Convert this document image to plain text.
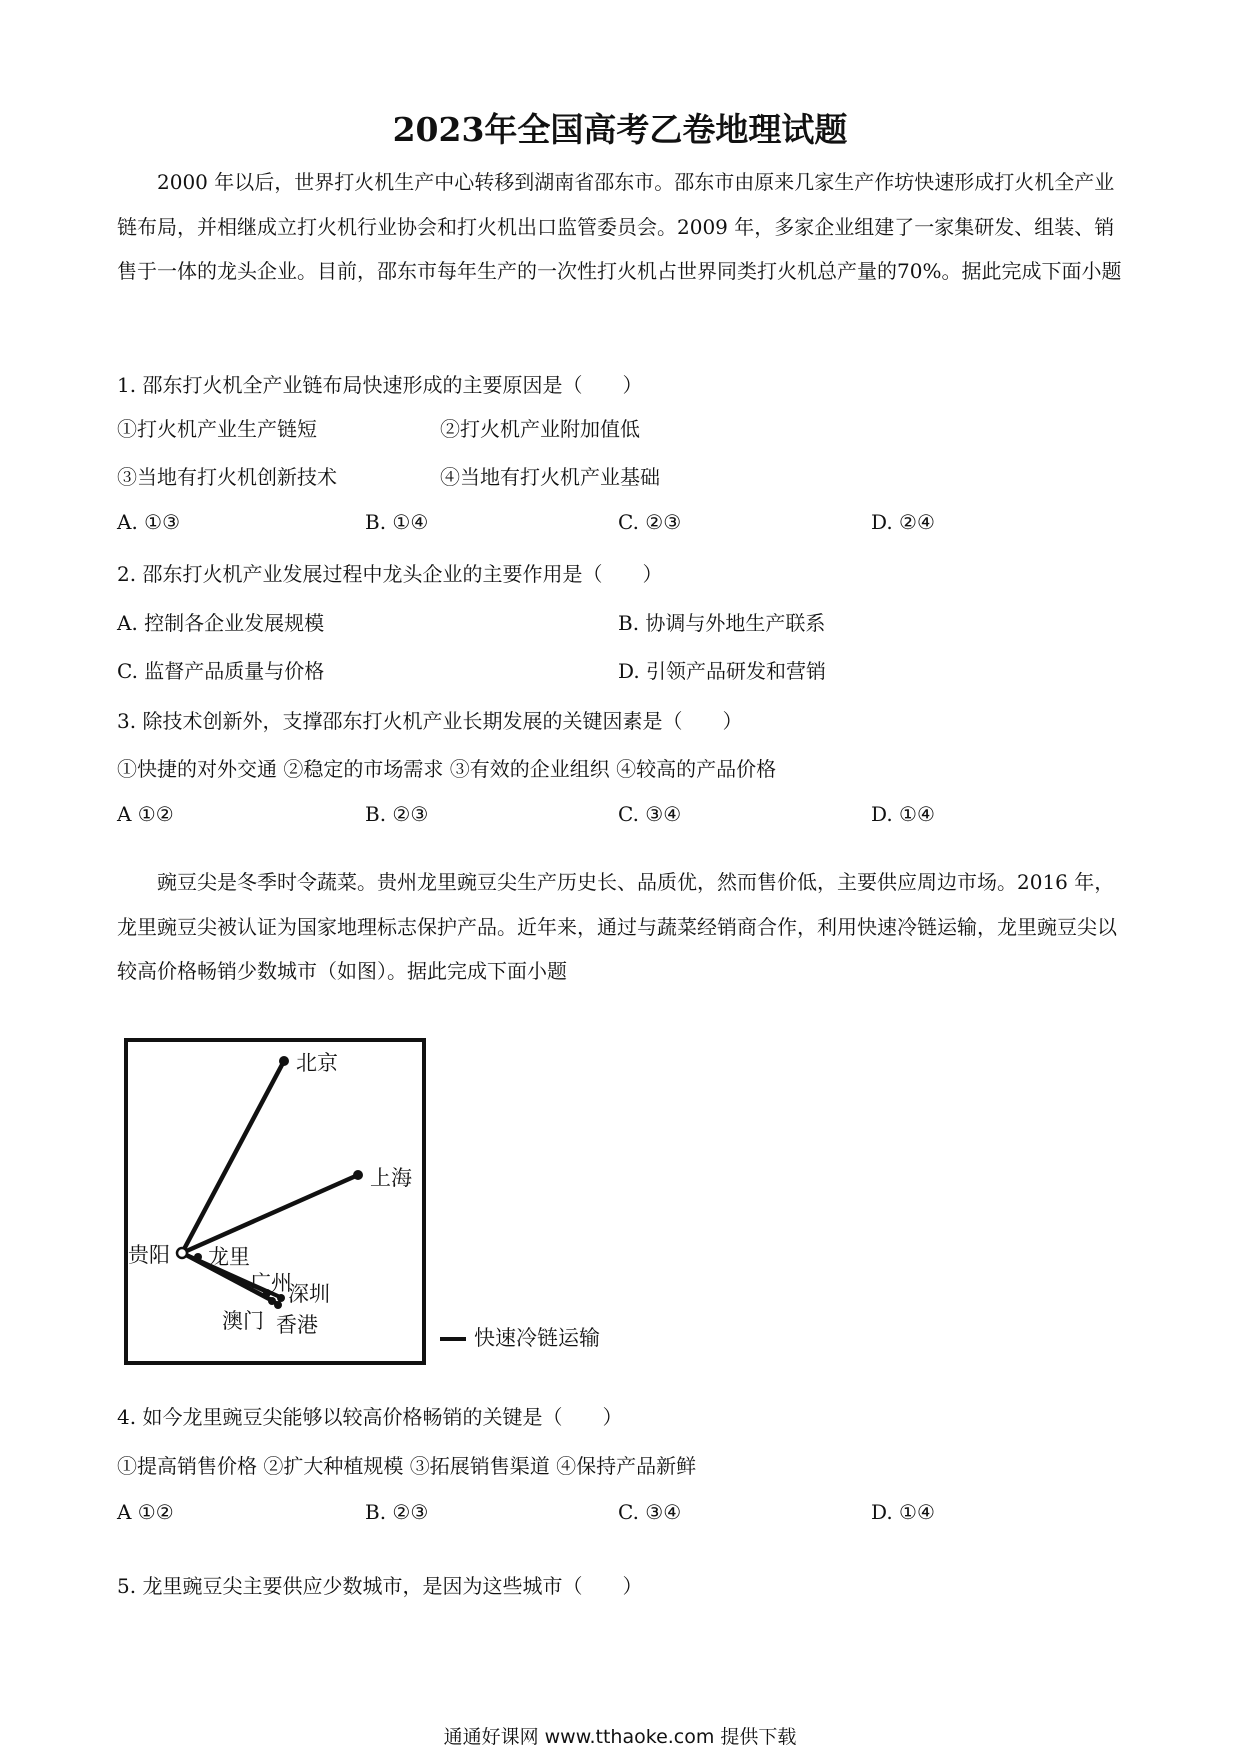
2023年全国高考乙卷地理试题
2000 年以后，世界打火机生产中心转移到湖南省邵东市。邵东市由原来几家生产作坊快速形成打火机全产业链布局，并相继成立打火机行业协会和打火机出口监管委员会。2009 年，多家企业组建了一家集研发、组装、销售于一体的龙头企业。目前，邵东市每年生产的一次性打火机占世界同类打火机总产量的70%。据此完成下面小题
1. 邵东打火机全产业链布局快速形成的主要原因是（　　）
①打火机产业生产链短	②打火机产业附加值低
③当地有打火机创新技术	④当地有打火机产业基础
A. ①③	B. ①④	C. ②③	D. ②④
2. 邵东打火机产业发展过程中龙头企业的主要作用是（　　）
A. 控制各企业发展规模	B. 协调与外地生产联系
C. 监督产品质量与价格	D. 引领产品研发和营销
3. 除技术创新外，支撑邵东打火机产业长期发展的关键因素是（　　）
①快捷的对外交通 ②稳定的市场需求 ③有效的企业组织 ④较高的产品价格
A ①②	B. ②③	C. ③④	D. ①④
豌豆尖是冬季时令蔬菜。贵州龙里豌豆尖生产历史长、品质优，然而售价低，主要供应周边市场。2016 年，龙里豌豆尖被认证为国家地理标志保护产品。近年来，通过与蔬菜经销商合作，利用快速冷链运输，龙里豌豆尖以较高价格畅销少数城市（如图）。据此完成下面小题
北京
上海
贵阳 龙里
广州
深圳
澳门 香港
快速冷链运输
4. 如今龙里豌豆尖能够以较高价格畅销的关键是（　　）
①提高销售价格 ②扩大种植规模 ③拓展销售渠道 ④保持产品新鲜
A ①②	B. ②③	C. ③④	D. ①④
5. 龙里豌豆尖主要供应少数城市，是因为这些城市（　　）
通通好课网 www.tthaoke.com 提供下载
